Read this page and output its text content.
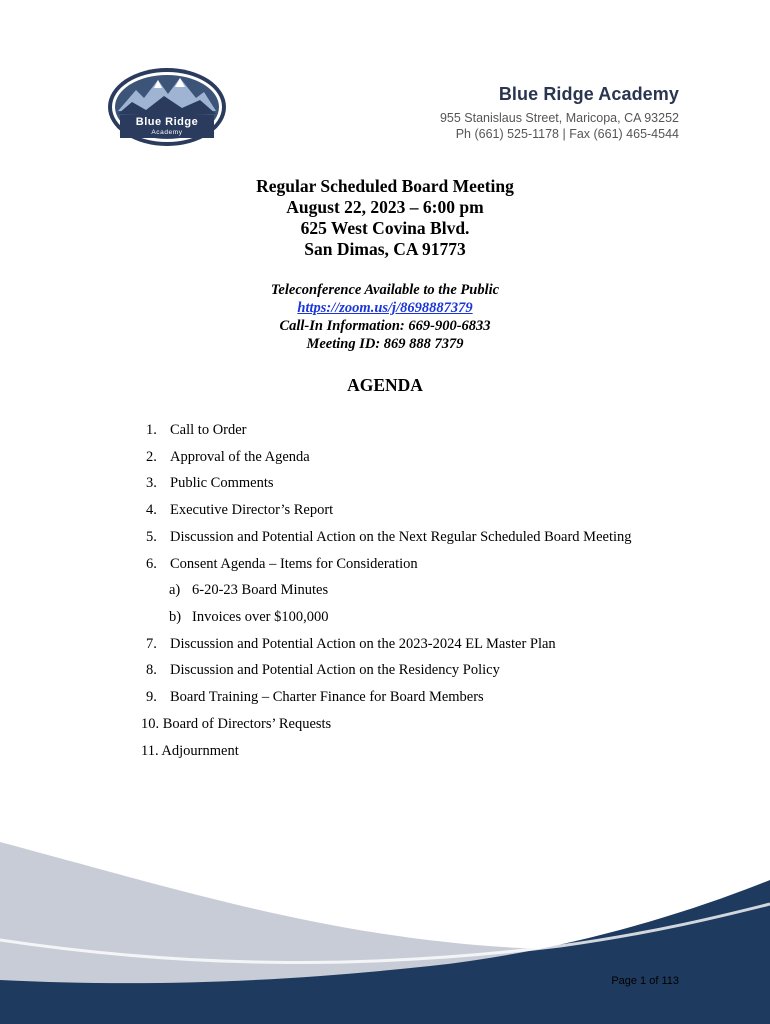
Blue Ridge
Academy
Blue Ridge Academy
955 Stanislaus Street, Maricopa, CA 93252
Ph (661) 525-1178 | Fax (661) 465-4544
Regular Scheduled Board Meeting
August 22, 2023 – 6:00 pm
625 West Covina Blvd.
San Dimas, CA 91773
Teleconference Available to the Public
https://zoom.us/j/8698887379
Call-In Information: 669-900-6833
Meeting ID: 869 888 7379
AGENDA
1. Call to Order
2. Approval of the Agenda
3. Public Comments
4. Executive Director’s Report
5. Discussion and Potential Action on the Next Regular Scheduled Board Meeting
6. Consent Agenda – Items for Consideration
a) 6-20-23 Board Minutes
b) Invoices over $100,000
7. Discussion and Potential Action on the 2023-2024 EL Master Plan
8. Discussion and Potential Action on the Residency Policy
9. Board Training – Charter Finance for Board Members
10. Board of Directors’ Requests
11. Adjournment
Page 1 of 113
